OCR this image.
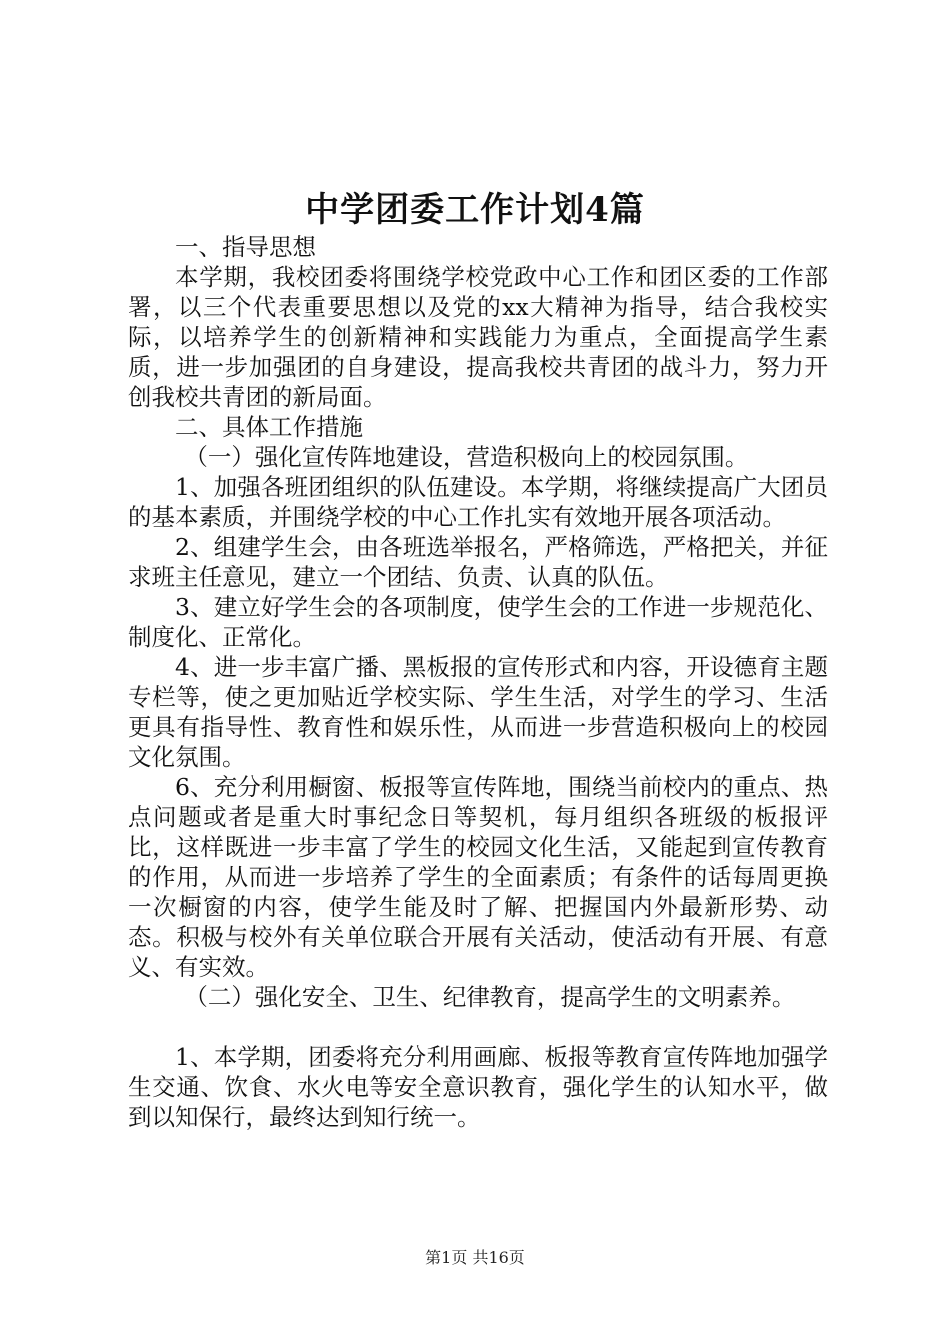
中学团委工作计划4篇

一、指导思想

本学期，我校团委将围绕学校党政中心工作和团区委的工作部署，以三个代表重要思想以及党的xx大精神为指导，结合我校实际，以培养学生的创新精神和实践能力为重点，全面提高学生素质，进一步加强团的自身建设，提高我校共青团的战斗力，努力开创我校共青团的新局面。

二、具体工作措施

（一）强化宣传阵地建设，营造积极向上的校园氛围。

1、加强各班团组织的队伍建设。本学期，将继续提高广大团员的基本素质，并围绕学校的中心工作扎实有效地开展各项活动。

2、组建学生会，由各班选举报名，严格筛选，严格把关，并征求班主任意见，建立一个团结、负责、认真的队伍。

3、建立好学生会的各项制度，使学生会的工作进一步规范化、制度化、正常化。

4、进一步丰富广播、黑板报的宣传形式和内容，开设德育主题专栏等，使之更加贴近学校实际、学生生活，对学生的学习、生活更具有指导性、教育性和娱乐性，从而进一步营造积极向上的校园文化氛围。

6、充分利用橱窗、板报等宣传阵地，围绕当前校内的重点、热点问题或者是重大时事纪念日等契机，每月组织各班级的板报评比，这样既进一步丰富了学生的校园文化生活，又能起到宣传教育的作用，从而进一步培养了学生的全面素质；有条件的话每周更换一次橱窗的内容，使学生能及时了解、把握国内外最新形势、动态。积极与校外有关单位联合开展有关活动，使活动有开展、有意义、有实效。

（二）强化安全、卫生、纪律教育，提高学生的文明素养。

1、本学期，团委将充分利用画廊、板报等教育宣传阵地加强学生交通、饮食、水火电等安全意识教育，强化学生的认知水平，做到以知保行，最终达到知行统一。

第1页 共16页
